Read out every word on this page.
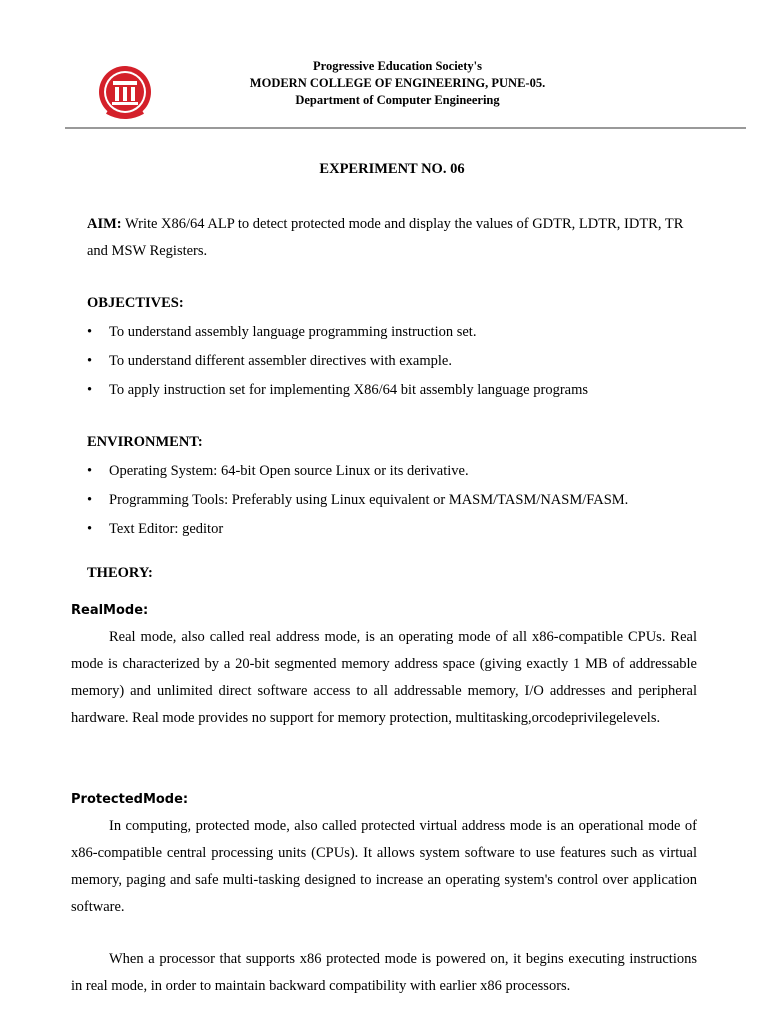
Progressive Education Society's
MODERN COLLEGE OF ENGINEERING, PUNE-05.
Department of Computer Engineering
EXPERIMENT NO. 06
AIM: Write X86/64 ALP to detect protected mode and display the values of GDTR, LDTR, IDTR, TR and MSW Registers.
OBJECTIVES:
• To understand assembly language programming instruction set.
• To understand different assembler directives with example.
• To apply instruction set for implementing X86/64 bit assembly language programs
ENVIRONMENT:
• Operating System: 64-bit Open source Linux or its derivative.
• Programming Tools: Preferably using Linux equivalent or MASM/TASM/NASM/FASM.
• Text Editor: geditor
THEORY:
RealMode:
Real mode, also called real address mode, is an operating mode of all x86-compatible CPUs. Real mode is characterized by a 20-bit segmented memory address space (giving exactly 1 MB of addressable memory) and unlimited direct software access to all addressable memory, I/O addresses and peripheral hardware. Real mode provides no support for memory protection, multitasking,orcodeprivilegelevels.
ProtectedMode:
In computing, protected mode, also called protected virtual address mode is an operational mode of x86-compatible central processing units (CPUs). It allows system software to use features such as virtual memory, paging and safe multi-tasking designed to increase an operating system's control over application software.
When a processor that supports x86 protected mode is powered on, it begins executing instructions in real mode, in order to maintain backward compatibility with earlier x86 processors.
